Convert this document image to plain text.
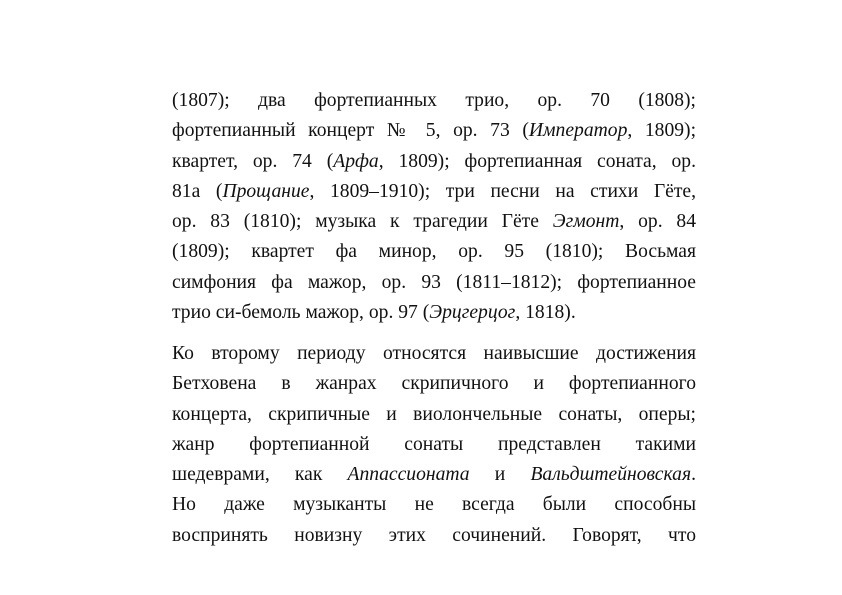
(1807); два фортепианных трио, ор. 70 (1808);
фортепианный концерт № 5, ор. 73 (Император, 1809);
квартет, ор. 74 (Арфа, 1809); фортепианная соната, ор.
81а (Прощание, 1809–1910); три песни на стихи Гёте,
ор. 83 (1810); музыка к трагедии Гёте Эгмонт, ор. 84
(1809); квартет фа минор, ор. 95 (1810); Восьмая
симфония фа мажор, ор. 93 (1811–1812); фортепианное
трио си-бемоль мажор, ор. 97 (Эрцгерцог, 1818).
Ко второму периоду относятся наивысшие достижения
Бетховена в жанрах скрипичного и фортепианного
концерта, скрипичные и виолончельные сонаты, оперы;
жанр фортепианной сонаты представлен такими
шедеврами, как Аппассионата и Вальдштейновская.
Но даже музыканты не всегда были способны
воспринять новизну этих сочинений. Говорят, что
